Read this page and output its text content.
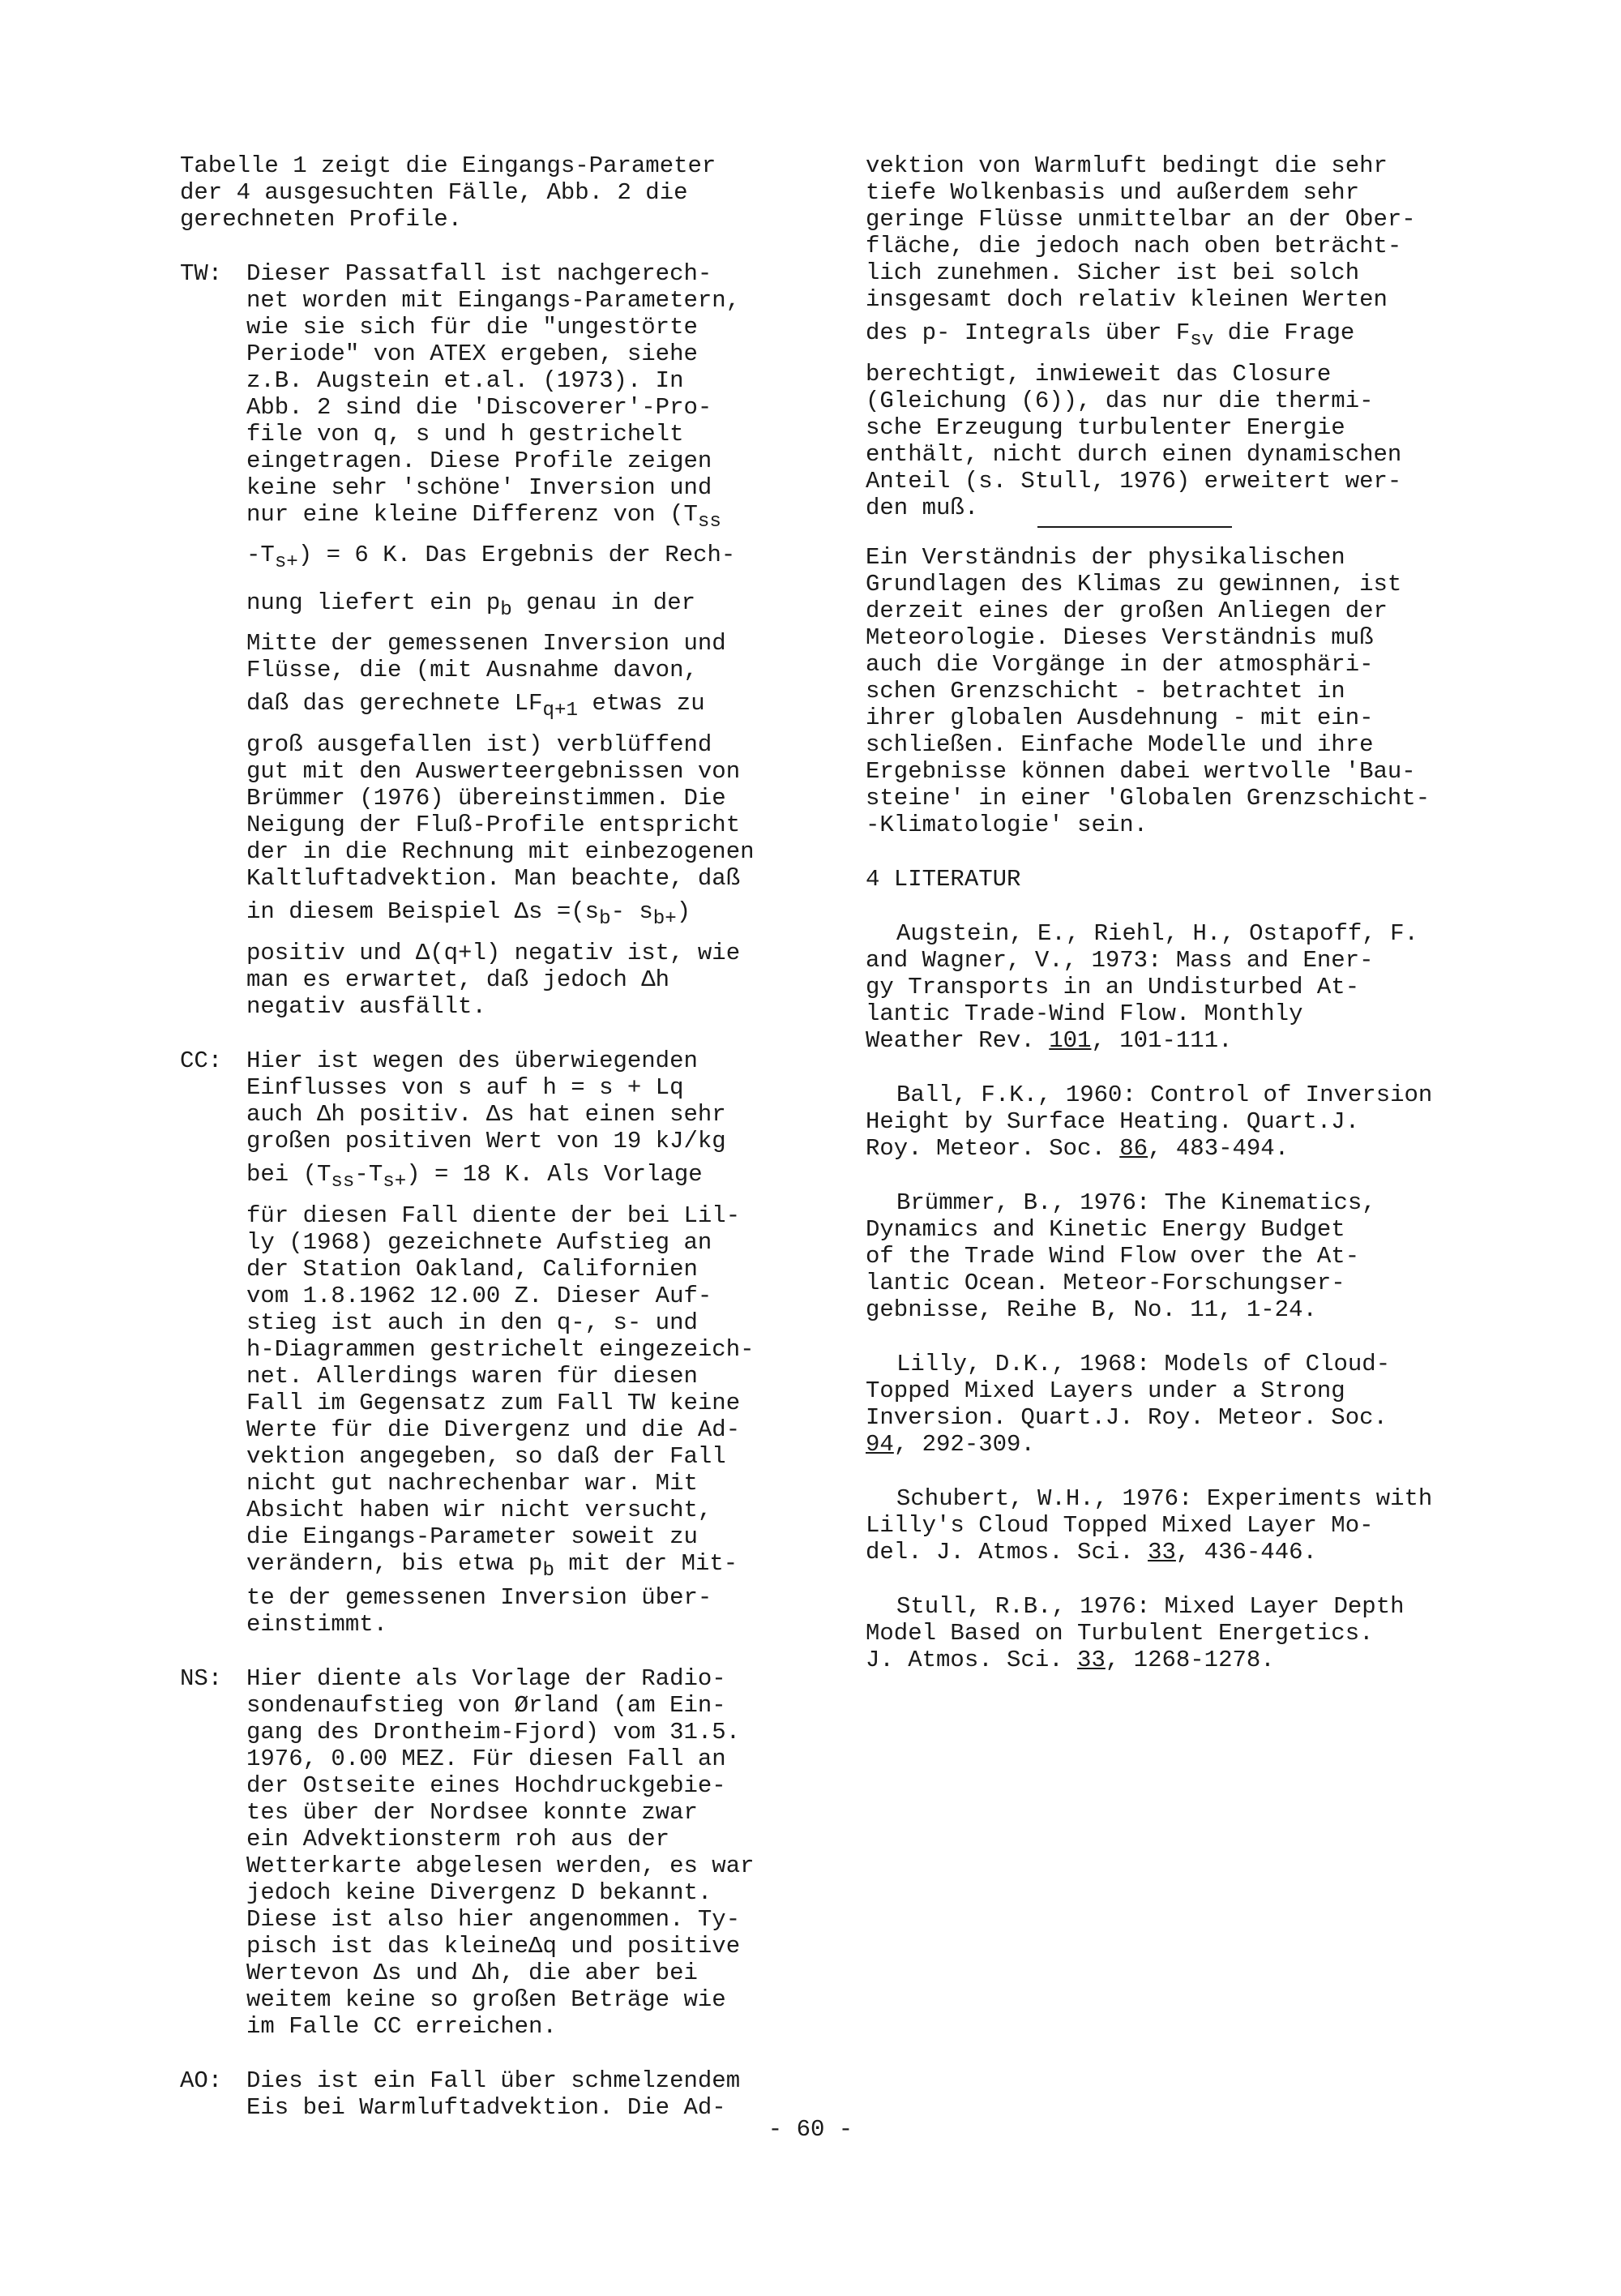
Tabelle 1 zeigt die Eingangs-Parameter
der 4 ausgesuchten Fälle, Abb. 2 die
gerechneten Profile.

TW: Dieser Passatfall ist nachgerech-
net worden mit Eingangs-Parametern,
wie sie sich für die "ungestörte
Periode" von ATEX ergeben, siehe
z.B. Augstein et.al. (1973). In
Abb. 2 sind die 'Discoverer'-Pro-
file von q, s und h gestrichelt
eingetragen. Diese Profile zeigen
keine sehr 'schöne' Inversion und
nur eine kleine Differenz von ($T_{ss}$
$-T_{s+}) = 6$ K. Das Ergebnis der Rech-
nung liefert ein $p_b$ genau in der
Mitte der gemessenen Inversion und
Flüsse, die (mit Ausnahme davon,
daß das gerechnete $LF_{q+1}$ etwas zu
groß ausgefallen ist) verblüffend
gut mit den Auswerteergebnissen von
Brümmer (1976) übereinstimmen. Die
Neigung der Fluß-Profile entspricht
der in die Rechnung mit einbezogenen
Kaltluftadvektion. Man beachte, daß
in diesem Beispiel $\Delta s =(s_b-$ $s_{b+}$)
positiv und Δ(q+l) negativ ist, wie
man es erwartet, daß jedoch Δh
negativ ausfällt.
CC: Hier ist wegen des überwiegenden
Einflusses von s auf h = s + Lq
auch Δh positiv. Δs hat einen sehr
großen positiven Wert von 19 kJ/kg
bei $(T_{ss}-T_{s+}) = 18$ K. Als Vorlage
für diesen Fall diente der bei Lil-
ly (1968) gezeichnete Aufstieg an
der Station Oakland, Californien
vom 1.8.1962 12.00 Z. Dieser Auf-
stieg ist auch in den q-, s- und
h-Diagrammen gestrichelt eingezeich-
net. Allerdings waren für diesen
Fall im Gegensatz zum Fall TW keine
Werte für die Divergenz und die Ad-
vektion angegeben, so daß der Fall
nicht gut nachrechenbar war. Mit
Absicht haben wir nicht versucht,
die Eingangs-Parameter soweit zu
verändern, bis etwa $p_b$ mit der Mit-
te der gemessenen Inversion über-
einstimmt.
NS: Hier diente als Vorlage der Radio-
sondenaufstieg von Ørland (am Ein-
gang des Drontheim-Fjord) vom 31.5.
1976, 0.00 MEZ. Für diesen Fall an
der Ostseite eines Hochdruckgebie-
tes über der Nordsee konnte zwar
ein Advektionsterm roh aus der
Wetterkarte abgelesen werden, es war
jedoch keine Divergenz D bekannt.
Diese ist also hier angenommen. Ty-
pisch ist das kleineΔq und positive
Wertevon Δs und Δh, die aber bei
weitem keine so großen Beträge wie
im Falle CC erreichen.
AO: Dies ist ein Fall über schmelzendem
Eis bei Warmluftadvektion. Die Ad-

vektion von Warmluft bedingt die sehr
tiefe Wolkenbasis und außerdem sehr
geringe Flüsse unmittelbar an der Ober-
fläche, die jedoch nach oben beträcht-
lich zunehmen. Sicher ist bei solch
insgesamt doch relativ kleinen Werten
des p- Integrals über $F_{sv}$ die Frage
berechtigt, inwieweit das Closure
(Gleichung (6)), das nur die thermi-
sche Erzeugung turbulenter Energie
enthält, nicht durch einen dynamischen
Anteil (s. Stull, 1976) erweitert wer-
den muß.

Ein Verständnis der physikalischen
Grundlagen des Klimas zu gewinnen, ist
derzeit eines der großen Anliegen der
Meteorologie. Dieses Verständnis muß
auch die Vorgänge in der atmosphäri-
schen Grenzschicht - betrachtet in
ihrer globalen Ausdehnung - mit ein-
schließen. Einfache Modelle und ihre
Ergebnisse können dabei wertvolle 'Bau-
steine' in einer 'Globalen Grenzschicht-
-Klimatologie' sein.

4 LITERATUR

Augstein, E., Riehl, H., Ostapoff, F.
and Wagner, V., 1973: Mass and Ener-
gy Transports in an Undisturbed At-
lantic Trade-Wind Flow. Monthly
Weather Rev. 101, 101-111.

Ball, F.K., 1960: Control of Inversion
Height by Surface Heating. Quart.J.
Roy. Meteor. Soc. 86, 483-494.

Brümmer, B., 1976: The Kinematics,
Dynamics and Kinetic Energy Budget
of the Trade Wind Flow over the At-
lantic Ocean. Meteor-Forschungser-
gebnisse, Reihe B, No. 11, 1-24.

Lilly, D.K., 1968: Models of Cloud-
Topped Mixed Layers under a Strong
Inversion. Quart.J. Roy. Meteor. Soc.
94, 292-309.

Schubert, W.H., 1976: Experiments with
Lilly's Cloud Topped Mixed Layer Mo-
del. J. Atmos. Sci. 33, 436-446.

Stull, R.B., 1976: Mixed Layer Depth
Model Based on Turbulent Energetics.
J. Atmos. Sci. 33, 1268-1278.

- 60 -
